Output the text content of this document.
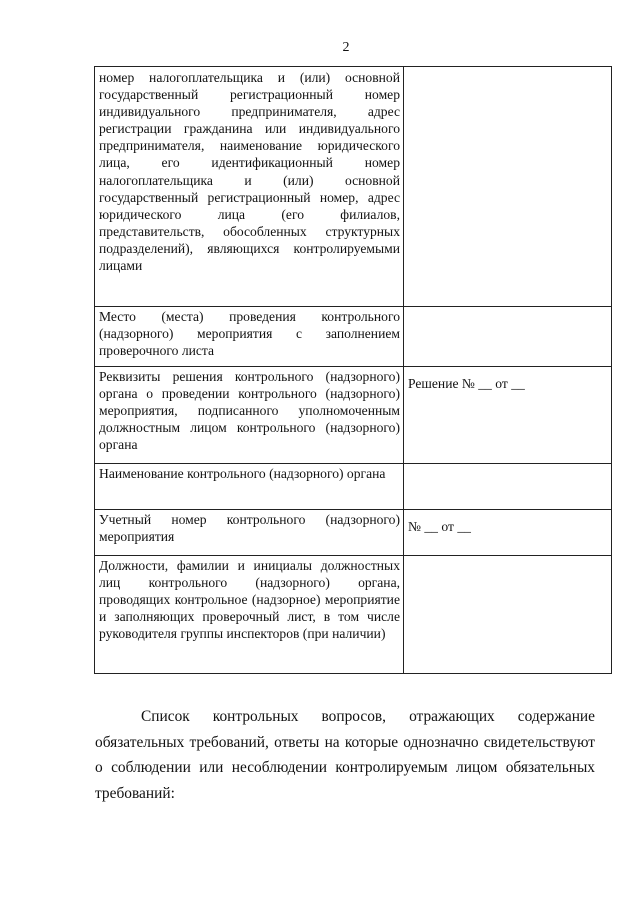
2
номер налогоплательщика и (или) основной государственный регистрационный номер индивидуального предпринимателя, адрес регистрации гражданина или индивидуального предпринимателя, наименование юридического лица, его идентификационный номер налогоплательщика и (или) основной государственный регистрационный номер, адрес юридического лица (его филиалов, представительств, обособленных структурных подразделений), являющихся контролируемыми лицами	
Место (места) проведения контрольного (надзорного) мероприятия с заполнением проверочного листа	
Реквизиты решения контрольного (надзорного) органа о проведении контрольного (надзорного) мероприятия, подписанного уполномоченным должностным лицом контрольного (надзорного) органа	Решение № __ от __
Наименование контрольного (надзорного) органа	
Учетный номер контрольного (надзорного) мероприятия	№ __ от __
Должности, фамилии и инициалы должностных лиц контрольного (надзорного) органа, проводящих контрольное (надзорное) мероприятие и заполняющих проверочный лист, в том числе руководителя группы инспекторов (при наличии)	

Список контрольных вопросов, отражающих содержание обязательных требований, ответы на которые однозначно свидетельствуют о соблюдении или несоблюдении контролируемым лицом обязательных требований:
